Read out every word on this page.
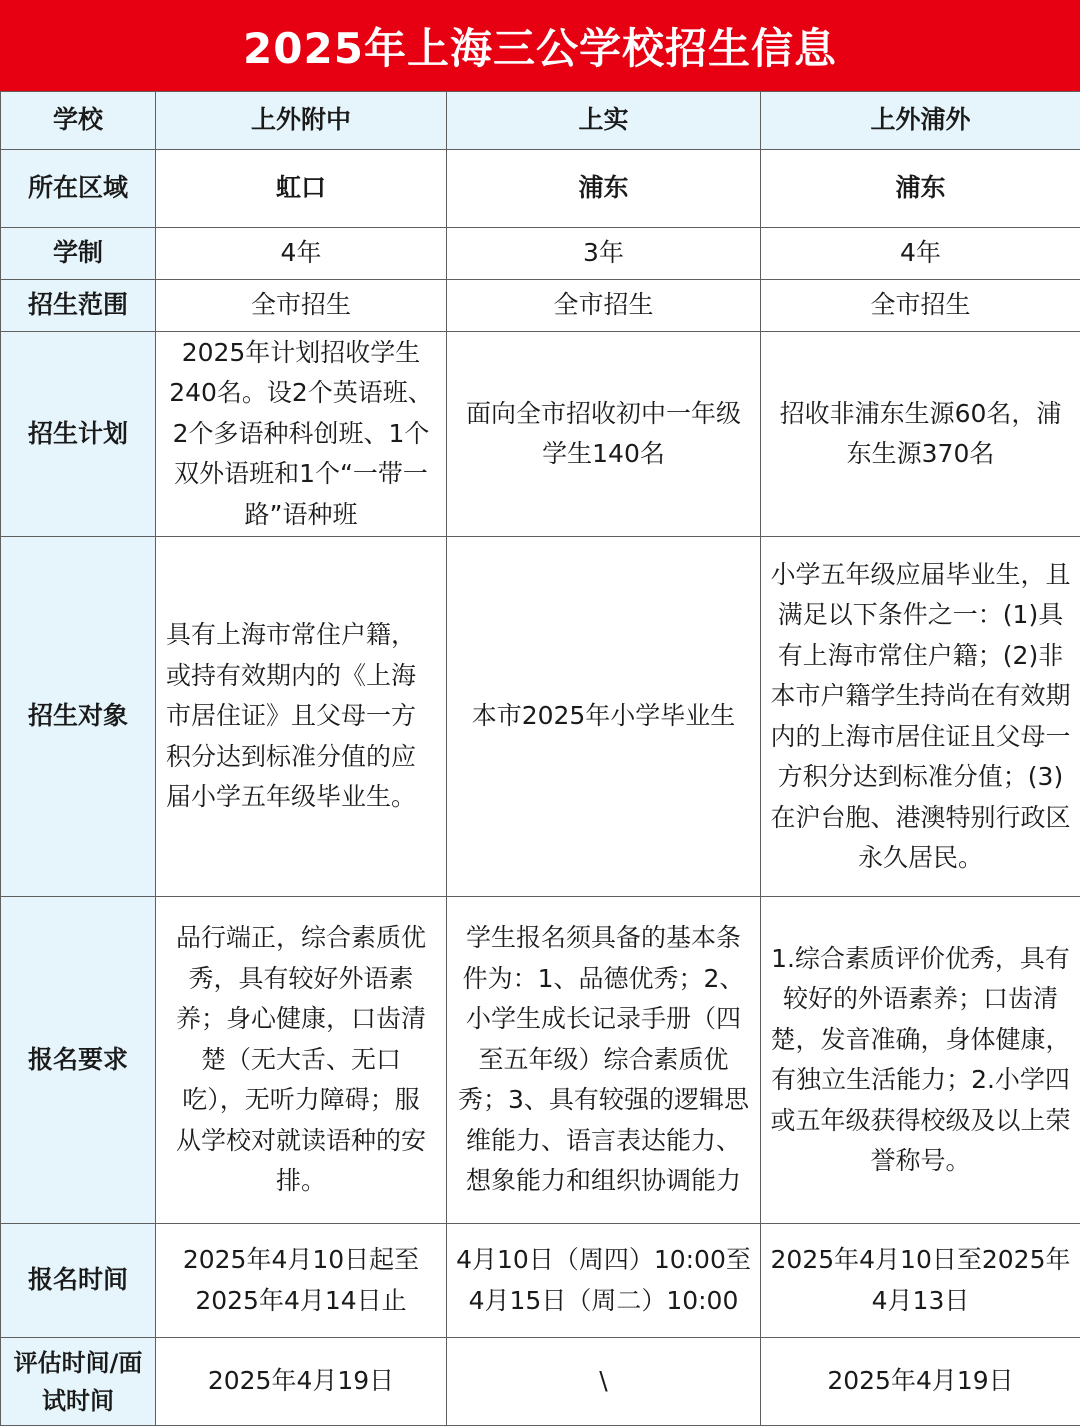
2025年上海三公学校招生信息
学校	上外附中	上实	上外浦外
所在区域	虹口	浦东	浦东
学制	4年	3年	4年
招生范围	全市招生	全市招生	全市招生
招生计划	2025年计划招收学生240名。设2个英语班、2个多语种科创班、1个双外语班和1个“一带一路”语种班	面向全市招收初中一年级学生140名	招收非浦东生源60名，浦东生源370名
招生对象	具有上海市常住户籍，或持有效期内的《上海市居住证》且父母一方积分达到标准分值的应届小学五年级毕业生。	本市2025年小学毕业生	小学五年级应届毕业生，且满足以下条件之一：(1)具有上海市常住户籍；(2)非本市户籍学生持尚在有效期内的上海市居住证且父母一方积分达到标准分值；(3)在沪台胞、港澳特别行政区永久居民。
报名要求	品行端正，综合素质优秀，具有较好外语素养；身心健康，口齿清楚（无大舌、无口吃），无听力障碍；服从学校对就读语种的安排。	学生报名须具备的基本条件为：1、品德优秀；2、小学生成长记录手册（四至五年级）综合素质优秀；3、具有较强的逻辑思维能力、语言表达能力、想象能力和组织协调能力	1.综合素质评价优秀，具有较好的外语素养；口齿清楚，发音准确，身体健康，有独立生活能力；2.小学四或五年级获得校级及以上荣誉称号。
报名时间	2025年4月10日起至2025年4月14日止	4月10日（周四）10:00至4月15日（周二）10:00	2025年4月10日至2025年4月13日
评估时间/面试时间	2025年4月19日	\	2025年4月19日
